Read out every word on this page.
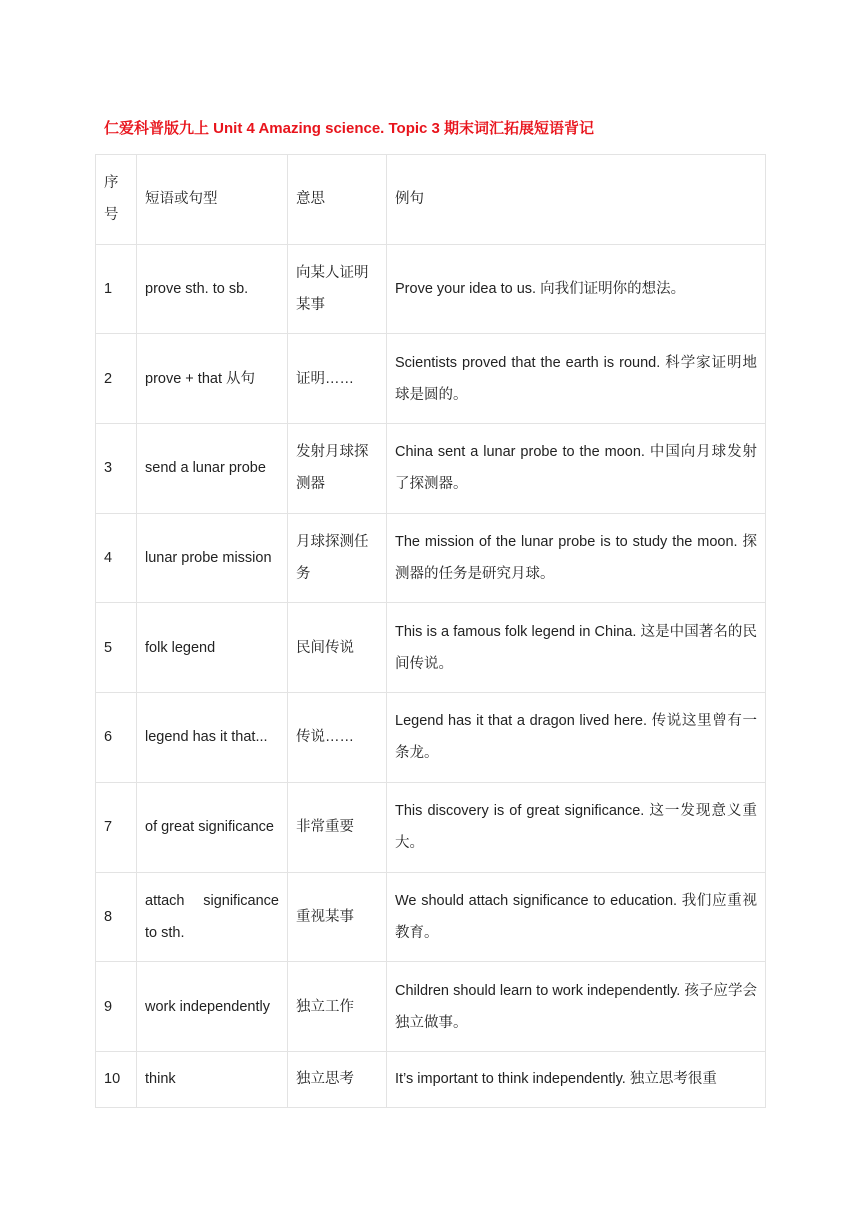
仁爱科普版九上 Unit 4 Amazing science. Topic 3 期末词汇拓展短语背记
序号	短语或句型	意思	例句
1	prove sth. to sb.	向某人证明某事	Prove your idea to us. 向我们证明你的想法。
2	prove + that 从句	证明……	Scientists proved that the earth is round. 科学家证明地球是圆的。
3	send a lunar probe	发射月球探测器	China sent a lunar probe to the moon. 中国向月球发射了探测器。
4	lunar probe mission	月球探测任务	The mission of the lunar probe is to study the moon. 探测器的任务是研究月球。
5	folk legend	民间传说	This is a famous folk legend in China. 这是中国著名的民间传说。
6	legend has it that...	传说……	Legend has it that a dragon lived here. 传说这里曾有一条龙。
7	of great significance	非常重要	This discovery is of great significance. 这一发现意义重大。
8	attach significance to sth.	重视某事	We should attach significance to education. 我们应重视教育。
9	work independently	独立工作	Children should learn to work independently. 孩子应学会独立做事。
10	think	独立思考	It’s important to think independently. 独立思考很重
